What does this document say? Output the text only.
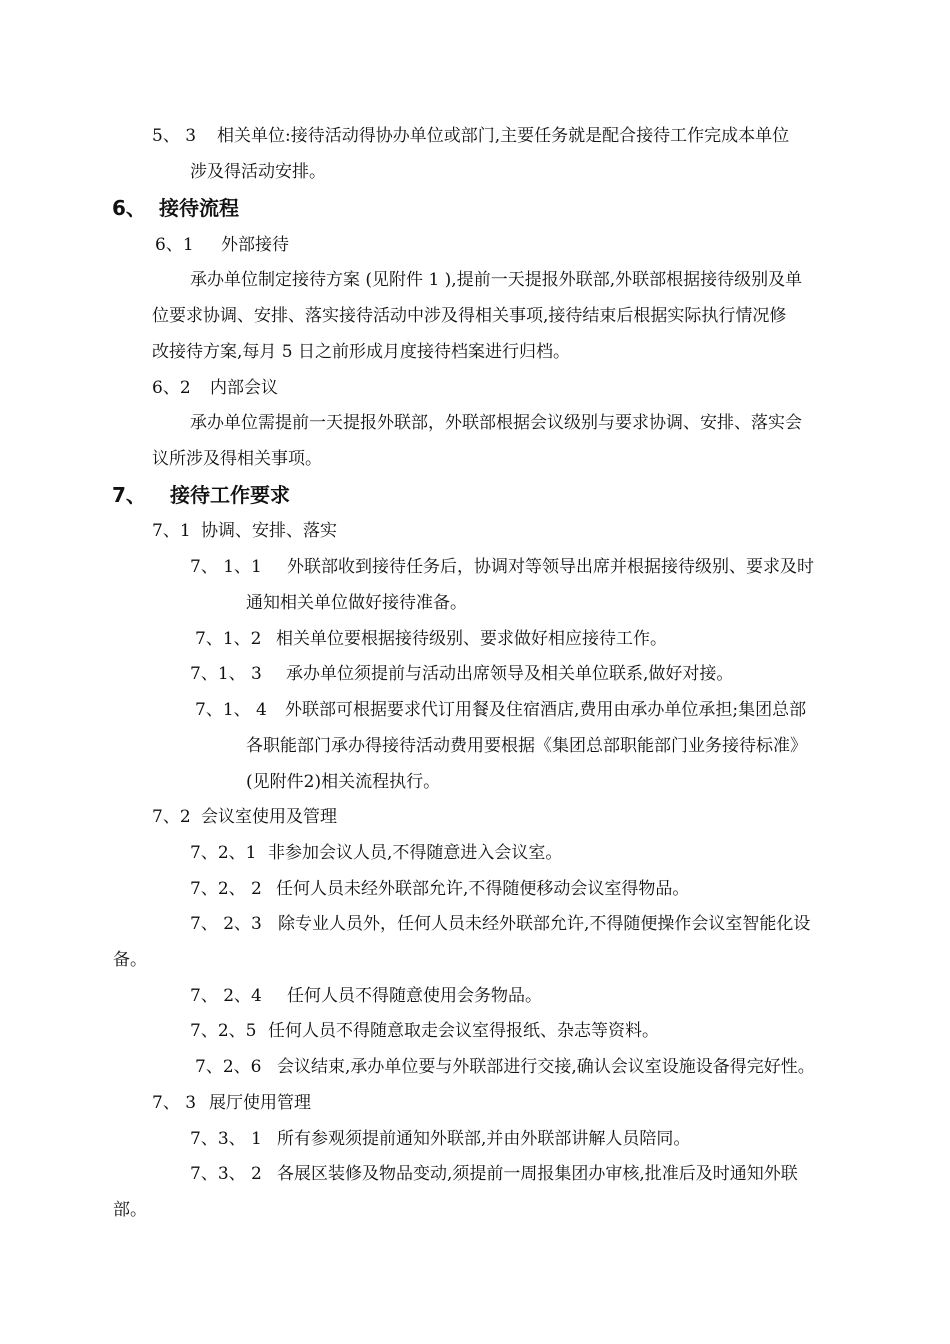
5、 3 相关单位:接待活动得协办单位或部门,主要任务就是配合接待工作完成本单位
涉及得活动安排。
6、 接待流程
6、1 外部接待
承办单位制定接待方案 (见附件 1 ),提前一天提报外联部,外联部根据接待级别及单
位要求协调、安排、落实接待活动中涉及得相关事项,接待结束后根据实际执行情况修
改接待方案,每月 5 日之前形成月度接待档案进行归档。
6、2 内部会议
承办单位需提前一天提报外联部，外联部根据会议级别与要求协调、安排、落实会
议所涉及得相关事项。
7、 接待工作要求
7、1 协调、安排、落实
7、 1、1 外联部收到接待任务后，协调对等领导出席并根据接待级别、要求及时
通知相关单位做好接待准备。
7、1、2 相关单位要根据接待级别、要求做好相应接待工作。
7、1、 3 承办单位须提前与活动出席领导及相关单位联系,做好对接。
7、1、 4 外联部可根据要求代订用餐及住宿酒店,费用由承办单位承担;集团总部
各职能部门承办得接待活动费用要根据《集团总部职能部门业务接待标准》
(见附件2)相关流程执行。
7、2 会议室使用及管理
7、2、1 非参加会议人员,不得随意进入会议室。
7、2、 2 任何人员未经外联部允许,不得随便移动会议室得物品。
7、 2、3 除专业人员外，任何人员未经外联部允许,不得随便操作会议室智能化设
备。
7、 2、4 任何人员不得随意使用会务物品。
7、2、5 任何人员不得随意取走会议室得报纸、杂志等资料。
7、2、6 会议结束,承办单位要与外联部进行交接,确认会议室设施设备得完好性。
7、 3 展厅使用管理
7、3、 1 所有参观须提前通知外联部,并由外联部讲解人员陪同。
7、3、 2 各展区装修及物品变动,须提前一周报集团办审核,批准后及时通知外联
部。
